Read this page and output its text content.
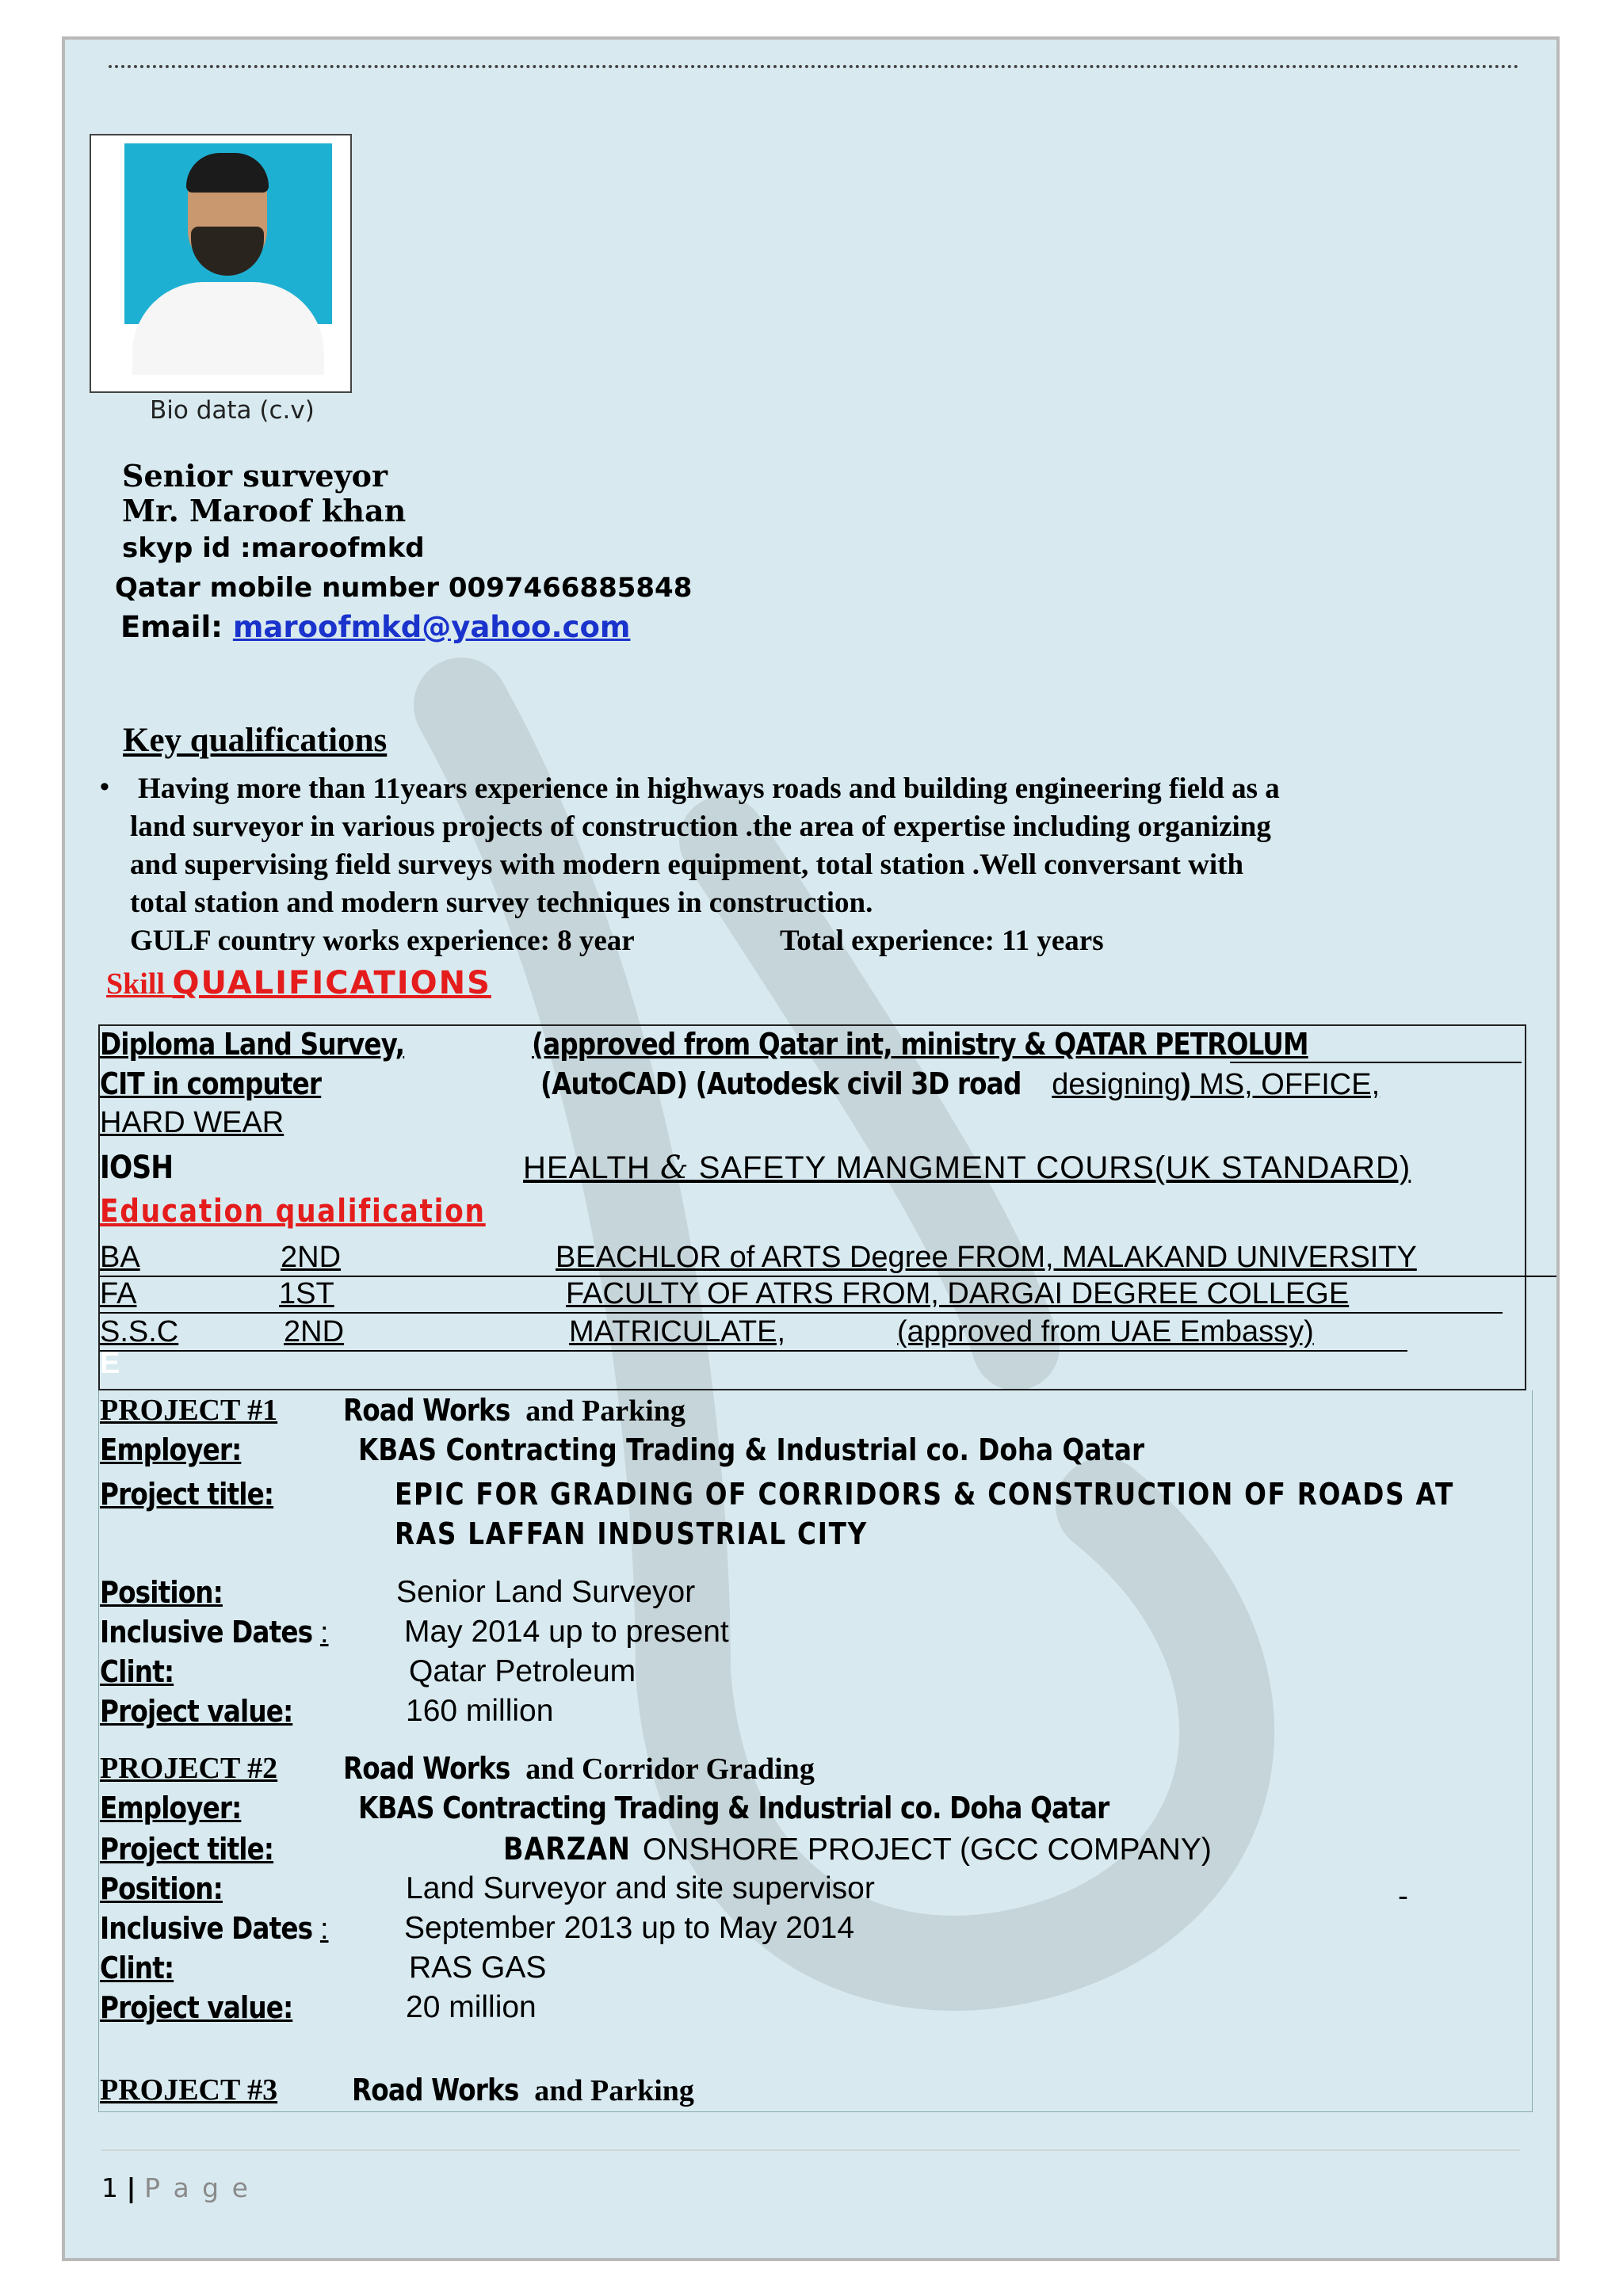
Bio data (c.v)
Senior surveyor
Mr. Maroof khan
skyp id :maroofmkd
Qatar mobile number 0097466885848
Email: maroofmkd@yahoo.com
Key qualifications
• Having more than 11years experience in highways roads and building engineering field as a
land surveyor in various projects of construction .the area of expertise including organizing
and supervising field surveys with modern equipment, total station .Well conversant with
total station and modern survey techniques in construction.
GULF country works experience: 8 year	Total experience: 11 years
Skill QUALIFICATIONS
Diploma Land Survey,	(approved from Qatar int, ministry & QATAR PETROLUM
CIT in computer	(AutoCAD) (Autodesk civil 3D roaddesigning) MS, OFFICE,
HARD WEAR
IOSH	HEALTH & SAFETY MANGMENT COURS(UK STANDARD)
Education qualification
BA	2ND	BEACHLOR of ARTS Degree FROM, MALAKAND UNIVERSITY
FA	1ST	FACULTY OF ATRS FROM, DARGAI DEGREE COLLEGE
S.S.C	2ND	MATRICULATE,	(approved from UAE Embassy)
E
PROJECT #1 Road Works and Parking
Employer:	KBAS Contracting Trading & Industrial co. Doha Qatar
Project title:	EPIC FOR GRADING OF CORRIDORS & CONSTRUCTION OF ROADS AT
RAS LAFFAN INDUSTRIAL CITY
Position:	Senior Land Surveyor
Inclusive Dates : May 2014 up to present
Clint:	Qatar Petroleum
Project value:	160 million
PROJECT #2 Road Works and Corridor Grading
Employer:	KBAS Contracting Trading & Industrial co. Doha Qatar
Project title:	BARZAN ONSHORE PROJECT (GCC COMPANY)
Position:	Land Surveyor and site supervisor	-
Inclusive Dates : September 2013 up to May 2014
Clint:	RAS GAS
Project value:	20 million
PROJECT #3 Road Works and Parking
1 | P a g e
